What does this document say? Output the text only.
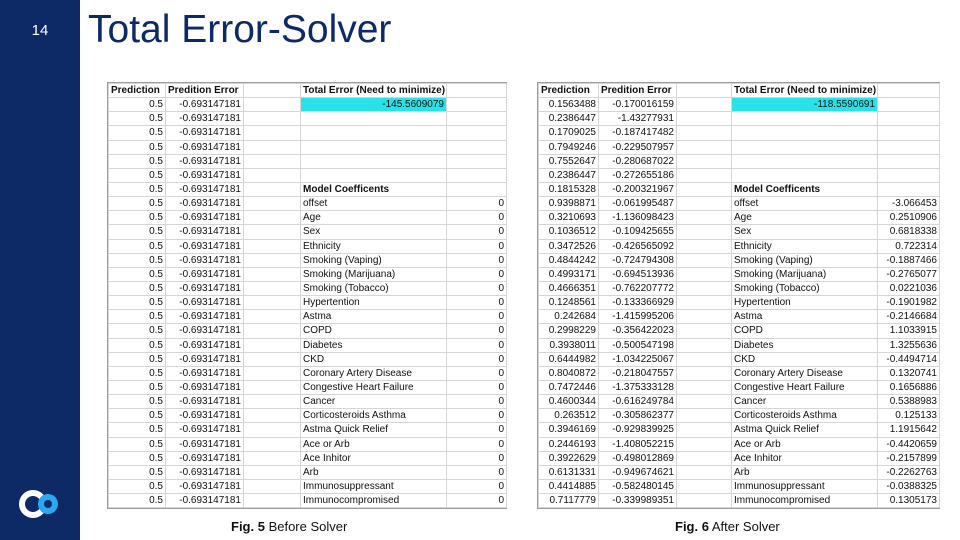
14	Total Error-Solver
Prediction	Predition Error		Total Error (Need to minimize)	
0.5	-0.693147181		-145.5609079	
0.5	-0.693147181			
0.5	-0.693147181			
0.5	-0.693147181			
0.5	-0.693147181			
0.5	-0.693147181			
0.5	-0.693147181		Model Coefficents	
0.5	-0.693147181		offset	0
0.5	-0.693147181		Age	0
0.5	-0.693147181		Sex	0
0.5	-0.693147181		Ethnicity	0
0.5	-0.693147181		Smoking (Vaping)	0
0.5	-0.693147181		Smoking (Marijuana)	0
0.5	-0.693147181		Smoking (Tobacco)	0
0.5	-0.693147181		Hypertention	0
0.5	-0.693147181		Astma	0
0.5	-0.693147181		COPD	0
0.5	-0.693147181		Diabetes	0
0.5	-0.693147181		CKD	0
0.5	-0.693147181		Coronary Artery Disease	0
0.5	-0.693147181		Congestive Heart Failure	0
0.5	-0.693147181		Cancer	0
0.5	-0.693147181		Corticosteroids Asthma	0
0.5	-0.693147181		Astma Quick Relief	0
0.5	-0.693147181		Ace or Arb	0
0.5	-0.693147181		Ace Inhitor	0
0.5	-0.693147181		Arb	0
0.5	-0.693147181		Immunosuppressant	0
0.5	-0.693147181		Immunocompromised	0
Prediction	Predition Error		Total Error (Need to minimize)	
0.1563488	-0.170016159		-118.5590691	
0.2386447	-1.43277931			
0.1709025	-0.187417482			
0.7949246	-0.229507957			
0.7552647	-0.280687022			
0.2386447	-0.272655186			
0.1815328	-0.200321967		Model Coefficents	
0.9398871	-0.061995487		offset	-3.066453
0.3210693	-1.136098423		Age	0.2510906
0.1036512	-0.109425655		Sex	0.6818338
0.3472526	-0.426565092		Ethnicity	0.722314
0.4844242	-0.724794308		Smoking (Vaping)	-0.1887466
0.4993171	-0.694513936		Smoking (Marijuana)	-0.2765077
0.4666351	-0.762207772		Smoking (Tobacco)	0.0221036
0.1248561	-0.133366929		Hypertention	-0.1901982
0.242684	-1.415995206		Astma	-0.2146684
0.2998229	-0.356422023		COPD	1.1033915
0.3938011	-0.500547198		Diabetes	1.3255636
0.6444982	-1.034225067		CKD	-0.4494714
0.8040872	-0.218047557		Coronary Artery Disease	0.1320741
0.7472446	-1.375333128		Congestive Heart Failure	0.1656886
0.4600344	-0.616249784		Cancer	0.5388983
0.263512	-0.305862377		Corticosteroids Asthma	0.125133
0.3946169	-0.929839925		Astma Quick Relief	1.1915642
0.2446193	-1.408052215		Ace or Arb	-0.4420659
0.3922629	-0.498012869		Ace Inhitor	-0.2157899
0.6131331	-0.949674621		Arb	-0.2262763
0.4414885	-0.582480145		Immunosuppressant	-0.0388325
0.7117779	-0.339989351		Immunocompromised	0.1305173
Fig. 5 Before Solver	Fig. 6 After Solver
